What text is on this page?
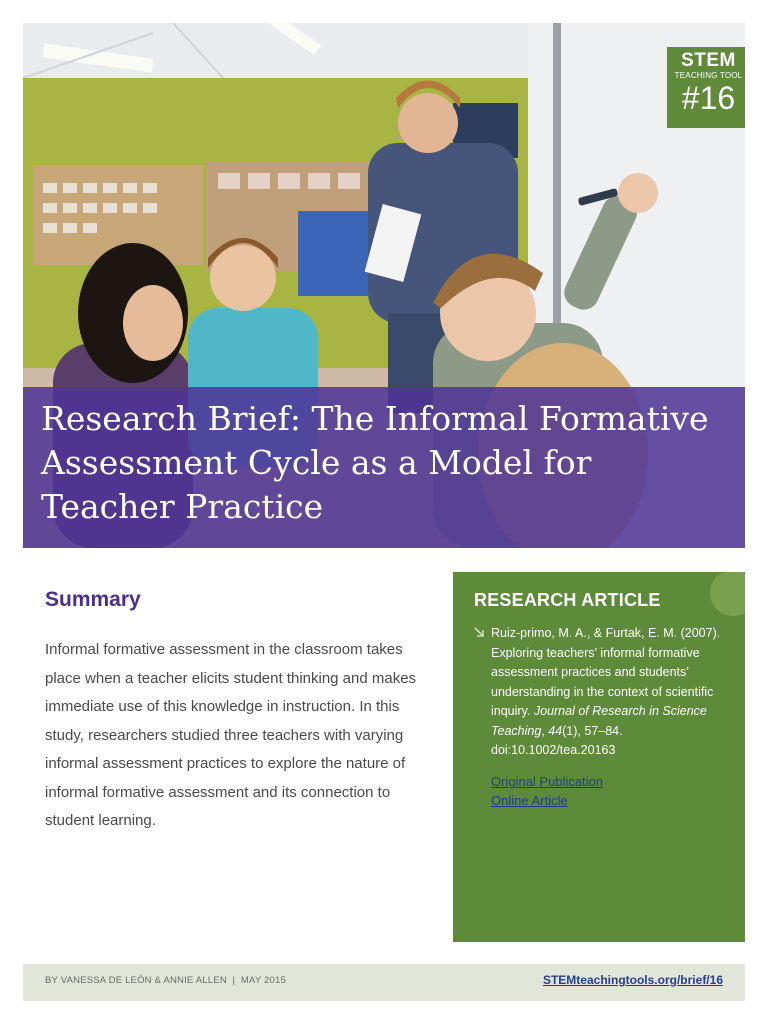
STEM
TEACHING TOOL
#16
Research Brief: The Informal Formative Assessment Cycle as a Model for Teacher Practice
Summary

Informal formative assessment in the classroom takes place when a teacher elicits student thinking and makes immediate use of this knowledge in instruction. In this study, researchers studied three teachers with varying informal assessment practices to explore the nature of informal formative assessment and its connection to student learning.

RESEARCH ARTICLE

Ruiz-primo, M. A., & Furtak, E. M. (2007). Exploring teachers’ informal formative assessment practices and students’ understanding in the context of scientific inquiry. Journal of Research in Science Teaching, 44(1), 57–84. doi:10.1002/tea.20163

Original Publication
Online Article

BY VANESSA DE LEÓN & ANNIE ALLEN  |  MAY 2015	STEMteachingtools.org/brief/16
